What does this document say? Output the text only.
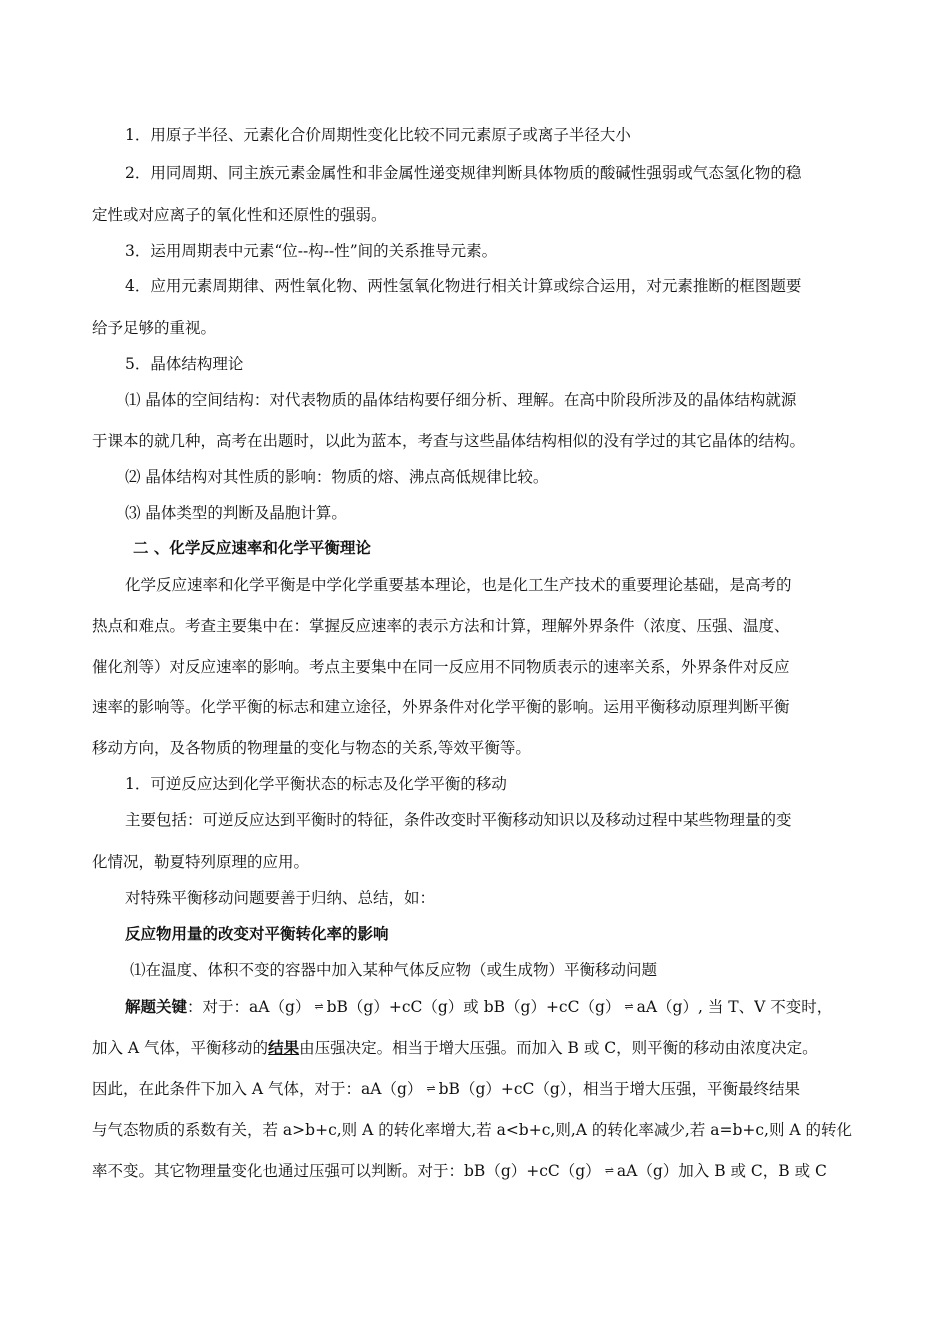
1．用原子半径、元素化合价周期性变化比较不同元素原子或离子半径大小
2．用同周期、同主族元素金属性和非金属性递变规律判断具体物质的酸碱性强弱或气态氢化物的稳
定性或对应离子的氧化性和还原性的强弱。
3．运用周期表中元素“位--构--性”间的关系推导元素。
4．应用元素周期律、两性氧化物、两性氢氧化物进行相关计算或综合运用，对元素推断的框图题要
给予足够的重视。
5．晶体结构理论
⑴ 晶体的空间结构：对代表物质的晶体结构要仔细分析、理解。在高中阶段所涉及的晶体结构就源
于课本的就几种，高考在出题时，以此为蓝本，考查与这些晶体结构相似的没有学过的其它晶体的结构。
⑵ 晶体结构对其性质的影响：物质的熔、沸点高低规律比较。
⑶ 晶体类型的判断及晶胞计算。
二 、化学反应速率和化学平衡理论
化学反应速率和化学平衡是中学化学重要基本理论，也是化工生产技术的重要理论基础，是高考的
热点和难点。考查主要集中在：掌握反应速率的表示方法和计算，理解外界条件（浓度、压强、温度、
催化剂等）对反应速率的影响。考点主要集中在同一反应用不同物质表示的速率关系，外界条件对反应
速率的影响等。化学平衡的标志和建立途径，外界条件对化学平衡的影响。运用平衡移动原理判断平衡
移动方向，及各物质的物理量的变化与物态的关系,等效平衡等。
1．可逆反应达到化学平衡状态的标志及化学平衡的移动
主要包括：可逆反应达到平衡时的特征，条件改变时平衡移动知识以及移动过程中某些物理量的变
化情况，勒夏特列原理的应用。
对特殊平衡移动问题要善于归纳、总结，如：
反应物用量的改变对平衡转化率的影响
⑴在温度、体积不变的容器中加入某种气体反应物（或生成物）平衡移动问题
解题关键：对于：aA（g） ⇌ bB（g）+cC（g）或 bB（g）+cC（g） ⇌ aA（g）, 当 T、V 不变时，
加入 A 气体，平衡移动的结果由压强决定。相当于增大压强。而加入 B 或 C，则平衡的移动由浓度决定。
因此，在此条件下加入 A 气体，对于：aA（g） ⇌ bB（g）+cC（g），相当于增大压强，平衡最终结果
与气态物质的系数有关，若 a>b+c,则 A 的转化率增大,若 a<b+c,则,A 的转化率减少,若 a=b+c,则 A 的转化
率不变。其它物理量变化也通过压强可以判断。对于：bB（g）+cC（g） ⇌ aA（g）加入 B 或 C，B 或 C
